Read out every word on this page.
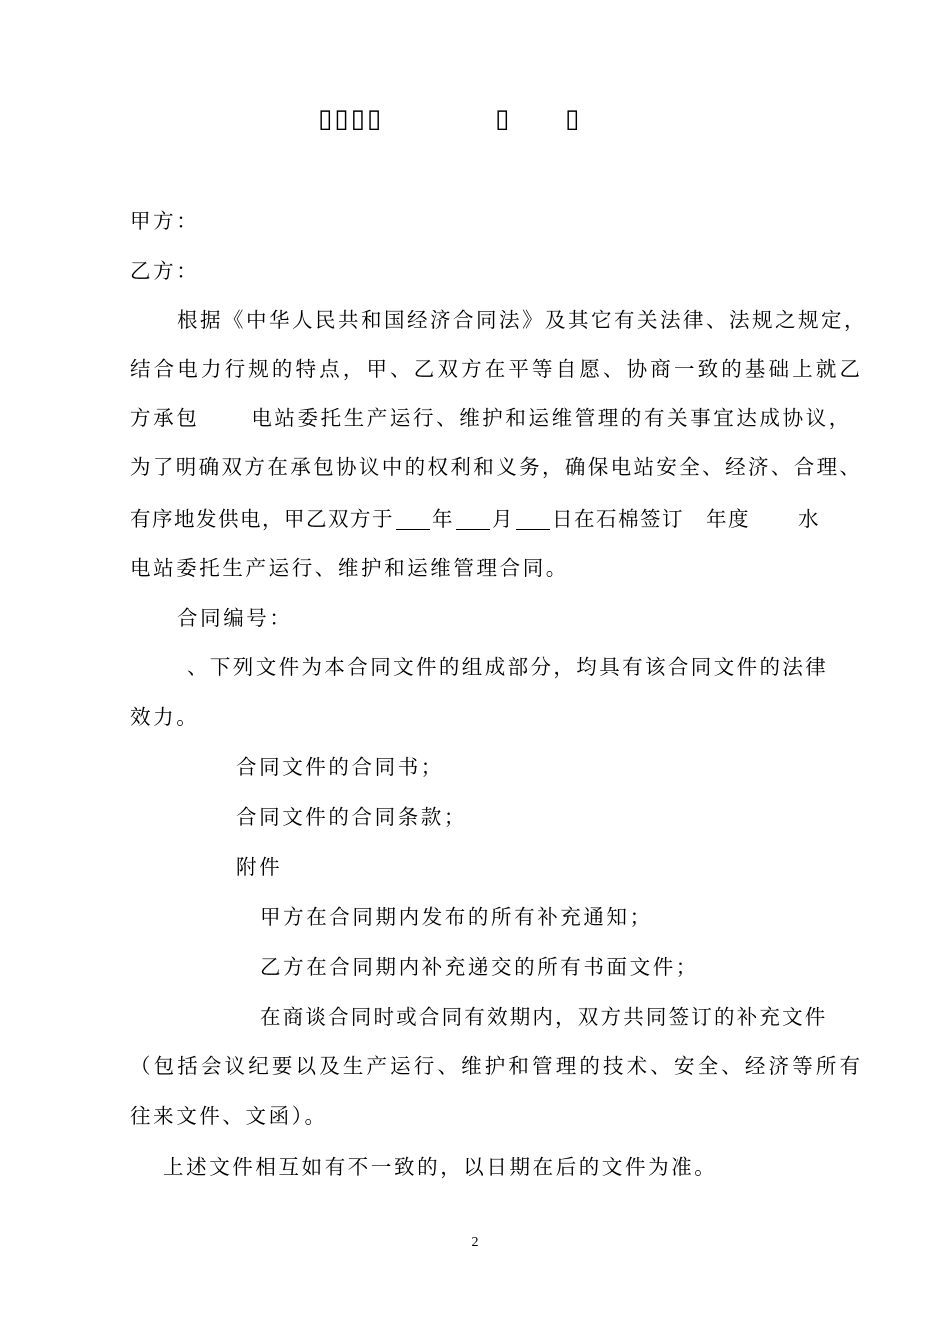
▯▯▯▯	▯ ▯
甲方：
乙方：
根据《中华人民共和国经济合同法》及其它有关法律、法规之规定，
结合电力行规的特点，甲、乙双方在平等自愿、协商一致的基础上就乙
方承包	电站委托生产运行、维护和运维管理的有关事宜达成协议，
为了明确双方在承包协议中的权利和义务，确保电站安全、经济、合理、
有序地发供电，甲乙双方于 年 月 日在石棉签订 年度 水
电站委托生产运行、维护和运维管理合同。
合同编号：
、下列文件为本合同文件的组成部分，均具有该合同文件的法律
效力。
合同文件的合同书；
合同文件的合同条款；
附件
甲方在合同期内发布的所有补充通知；
乙方在合同期内补充递交的所有书面文件；
在商谈合同时或合同有效期内，双方共同签订的补充文件
（包括会议纪要以及生产运行、维护和管理的技术、安全、经济等所有
往来文件、文函）。
上述文件相互如有不一致的，以日期在后的文件为准。
2
